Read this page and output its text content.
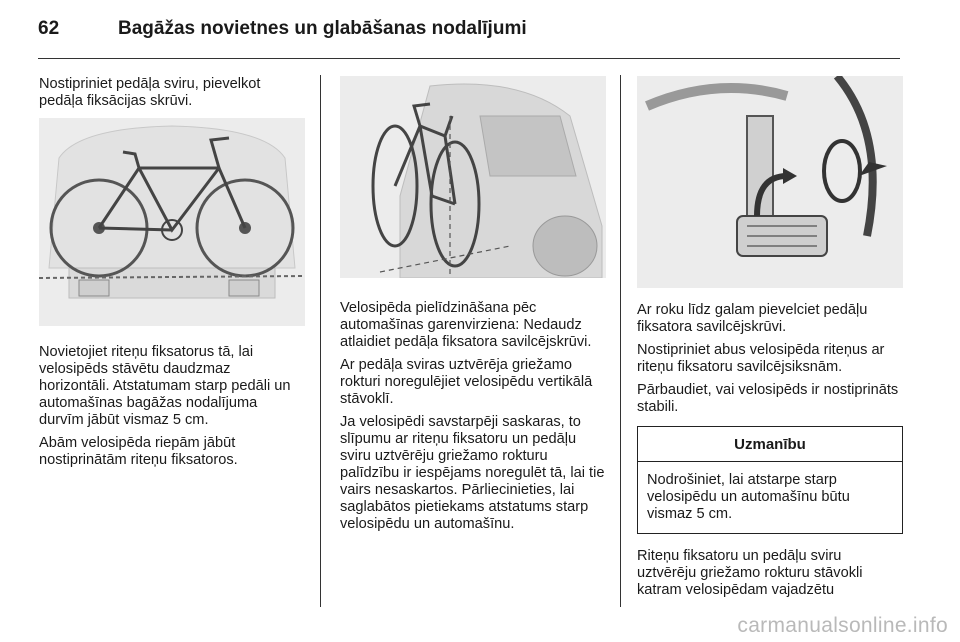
62	Bagāžas novietnes un glabāšanas nodalījumi

Nostipriniet pedāļa sviru, pievelkot pedāļa fiksācijas skrūvi.

Novietojiet riteņu fiksatorus tā, lai velosipēds stāvētu daudzmaz horizontāli. Atstatumam starp pedāli un automašīnas bagāžas nodalījuma durvīm jābūt vismaz 5 cm.

Abām velosipēda riepām jābūt nostiprinātām riteņu fiksatoros.

Velosipēda pielīdzināšana pēc automašīnas garenvirziena: Nedaudz atlaidiet pedāļa fiksatora savilcējskrūvi.

Ar pedāļa sviras uztvērēja griežamo rokturi noregulējiet velosipēdu vertikālā stāvoklī.

Ja velosipēdi savstarpēji saskaras, to slīpumu ar riteņu fiksatoru un pedāļu sviru uztvērēju griežamo rokturu palīdzību ir iespējams noregulēt tā, lai tie vairs nesaskartos. Pārliecinieties, lai saglabātos pietiekams atstatums starp velosipēdu un automašīnu.

Ar roku līdz galam pievelciet pedāļu fiksatora savilcējskrūvi.

Nostipriniet abus velosipēda riteņus ar riteņu fiksatoru savilcējsiksnām.

Pārbaudiet, vai velosipēds ir nostiprināts stabili.

Uzmanību
Nodrošiniet, lai atstarpe starp velosipēdu un automašīnu būtu vismaz 5 cm.

Riteņu fiksatoru un pedāļu sviru uztvērēju griežamo rokturu stāvokli katram velosipēdam vajadzētu

carmanualsonline.info
